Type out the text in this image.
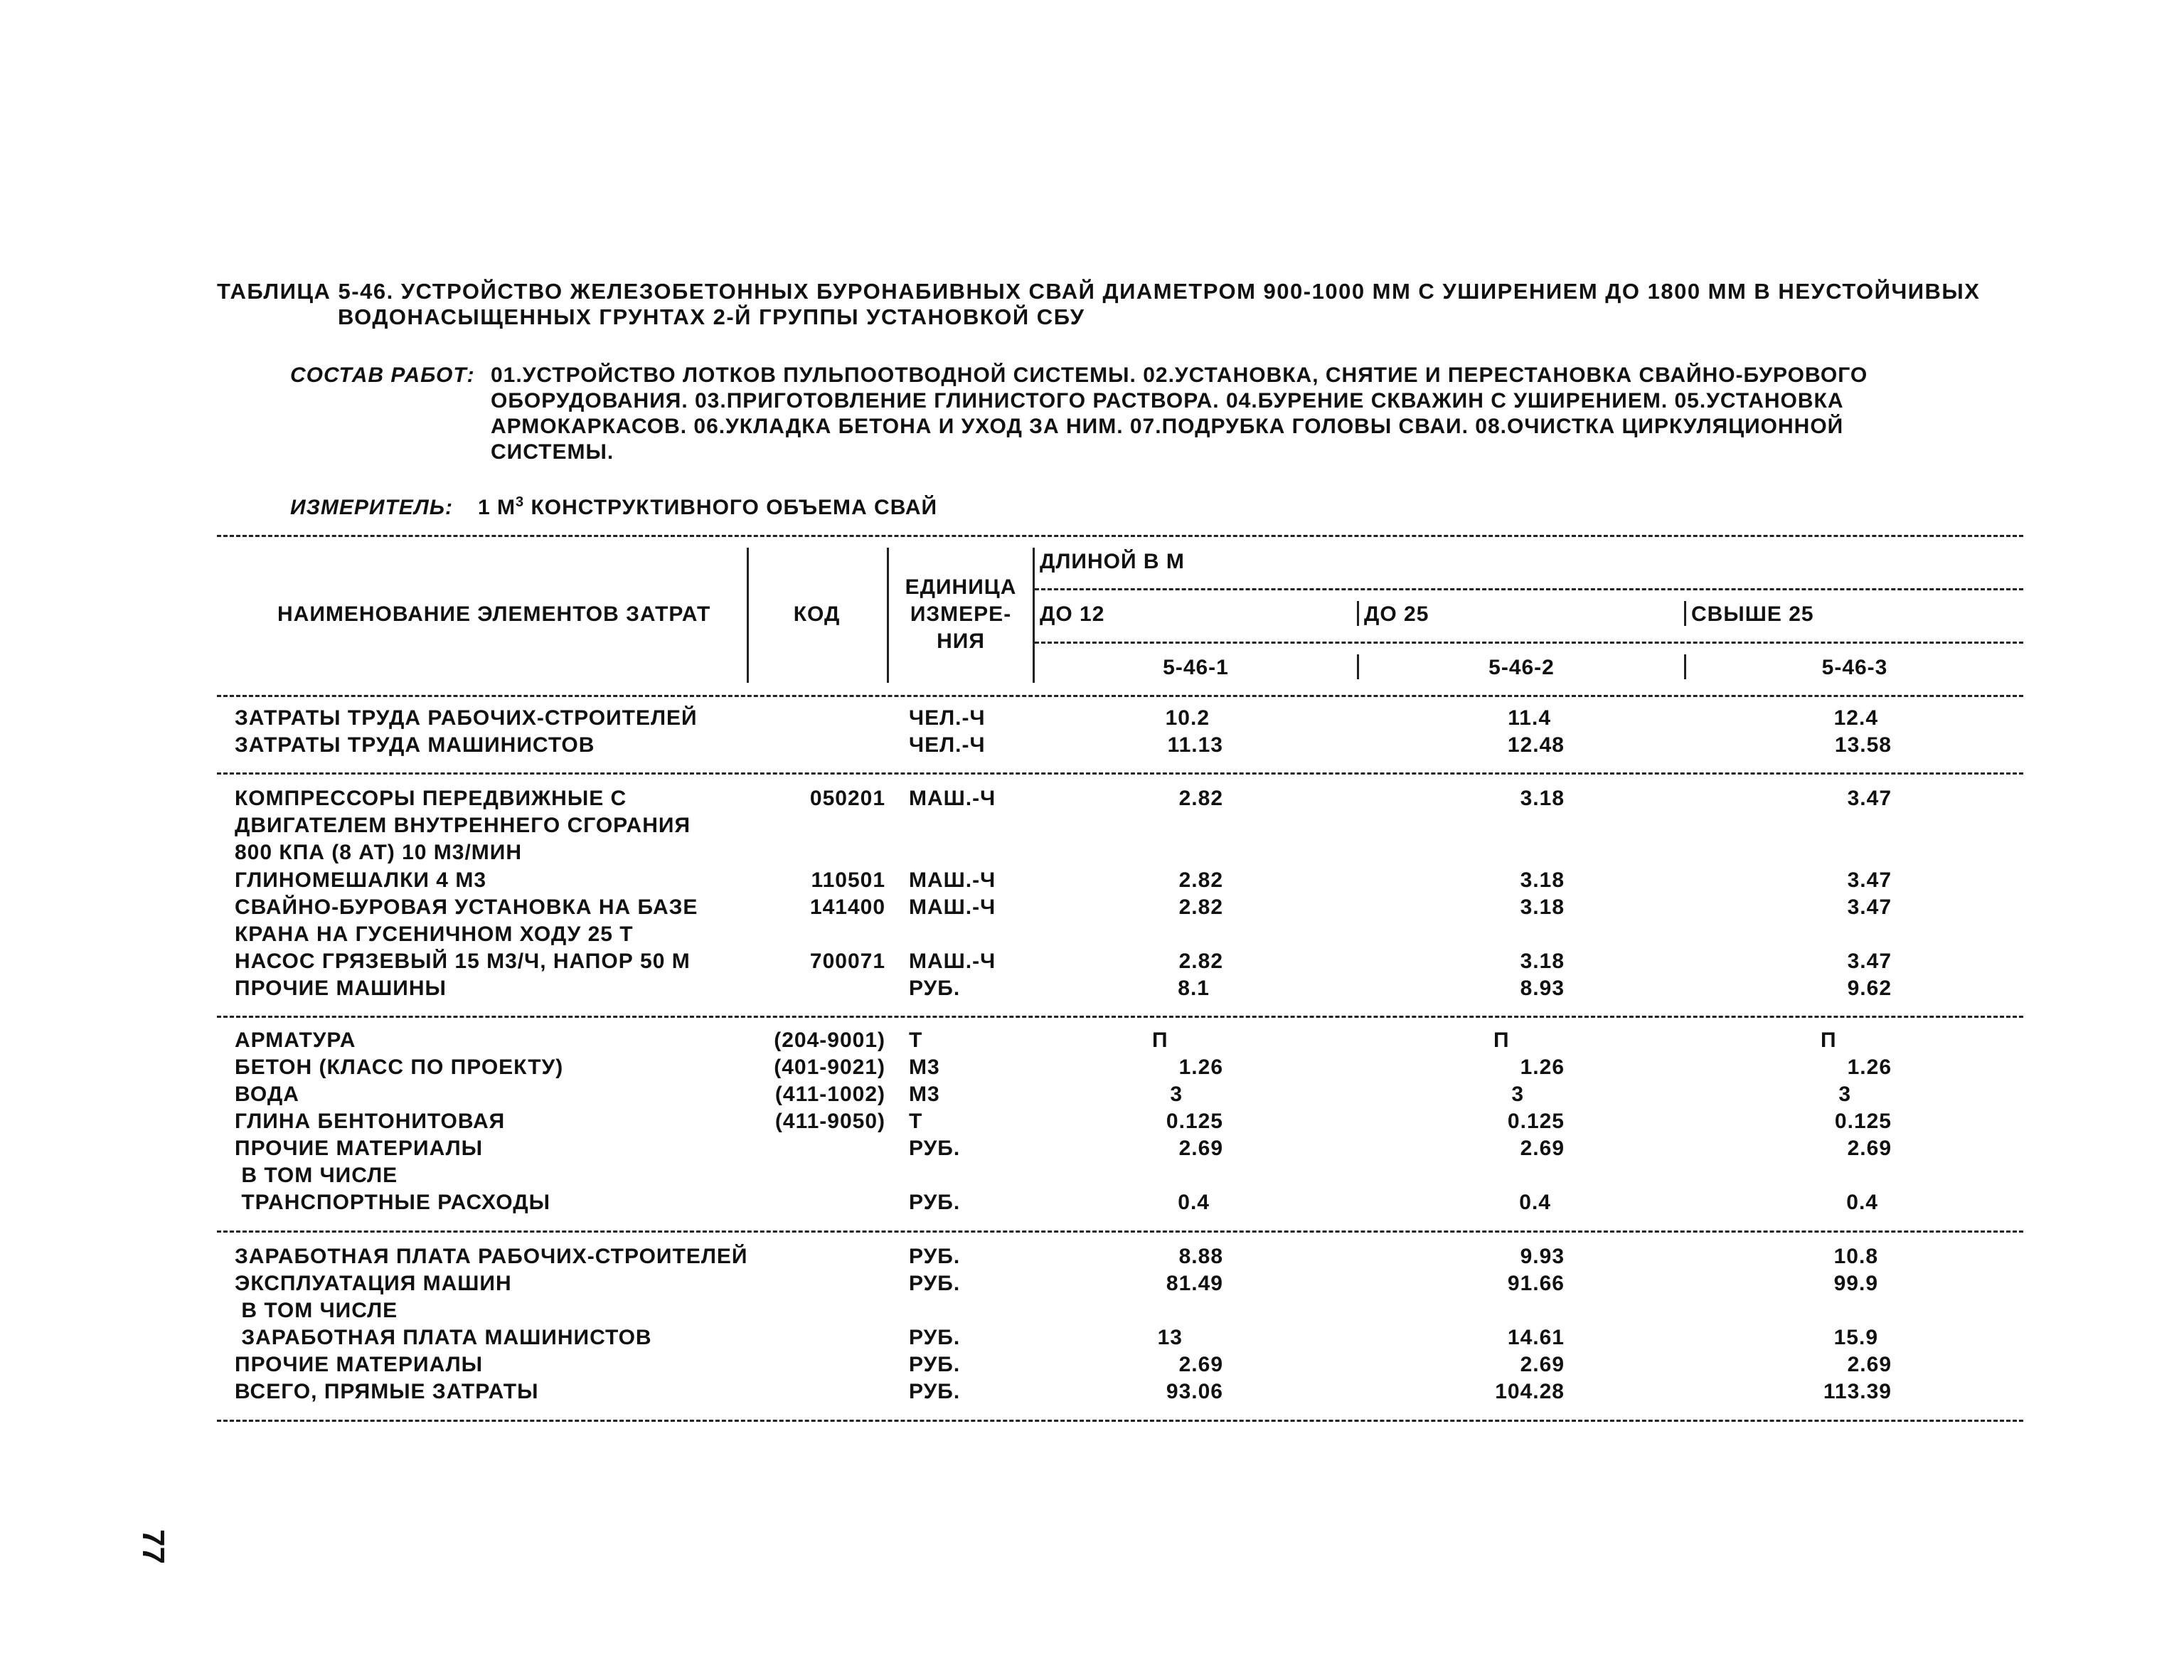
ТАБЛИЦА 5-46. УСТРОЙСТВО ЖЕЛЕЗОБЕТОННЫХ БУРОНАБИВНЫХ СВАЙ ДИАМЕТРОМ 900-1000 ММ С УШИРЕНИЕМ ДО 1800 ММ В НЕУСТОЙЧИВЫХ
ВОДОНАСЫЩЕННЫХ ГРУНТАХ 2-Й ГРУППЫ УСТАНОВКОЙ СБУ
СОСТАВ РАБОТ: 01.УСТРОЙСТВО ЛОТКОВ ПУЛЬПООТВОДНОЙ СИСТЕМЫ. 02.УСТАНОВКА, СНЯТИЕ И ПЕРЕСТАНОВКА СВАЙНО-БУРОВОГО
ОБОРУДОВАНИЯ. 03.ПРИГОТОВЛЕНИЕ ГЛИНИСТОГО РАСТВОРА. 04.БУРЕНИЕ СКВАЖИН С УШИРЕНИЕМ. 05.УСТАНОВКА
АРМОКАРКАСОВ. 06.УКЛАДКА БЕТОНА И УХОД ЗА НИМ. 07.ПОДРУБКА ГОЛОВЫ СВАИ. 08.ОЧИСТКА ЦИРКУЛЯЦИОННОЙ
СИСТЕМЫ.
ИЗМЕРИТЕЛЬ: 1 $М^3$ КОНСТРУКТИВНОГО ОБЪЕМА СВАЙ
НАИМЕНОВАНИЕ ЭЛЕМЕНТОВ ЗАТРАТ	КОД
ЕДИНИЦА
ИЗМЕРЕ-
НИЯ
ДЛИНОЙ В М
ДО 12	ДО 25	СВЫШЕ 25
5-46-1	5-46-2	5-46-3
ЗАТРАТЫ ТРУДА РАБОЧИХ-СТРОИТЕЛЕЙ	ЧЕЛ.-Ч	10.2	11.4	12.4
ЗАТРАТЫ ТРУДА МАШИНИСТОВ	ЧЕЛ.-Ч	11.13	12.48	13.58
КОМПРЕССОРЫ ПЕРЕДВИЖНЫЕ С	050201 МАШ.-Ч	2.82	3.18	3.47
ДВИГАТЕЛЕМ ВНУТРЕННЕГО СГОРАНИЯ
800 КПА (8 АТ) 10 М3/МИН
ГЛИНОМЕШАЛКИ 4 М3	110501 МАШ.-Ч	2.82	3.18	3.47
СВАЙНО-БУРОВАЯ УСТАНОВКА НА БАЗЕ	141400 МАШ.-Ч	2.82	3.18	3.47
КРАНА НА ГУСЕНИЧНОМ ХОДУ 25 Т
НАСОС ГРЯЗЕВЫЙ 15 М3/Ч, НАПОР 50 М	700071 МАШ.-Ч	2.82	3.18	3.47
ПРОЧИЕ МАШИНЫ	РУБ.	8.1	8.93	9.62
АРМАТУРА	(204-9001) Т	П	П	П
БЕТОН (КЛАСС ПО ПРОЕКТУ)	(401-9021) М3	1.26	1.26	1.26
ВОДА	(411-1002) М3	3	3	3
ГЛИНА БЕНТОНИТОВАЯ	(411-9050) Т	0.125	0.125	0.125
ПРОЧИЕ МАТЕРИАЛЫ	РУБ.	2.69	2.69	2.69
В ТОМ ЧИСЛЕ
ТРАНСПОРТНЫЕ РАСХОДЫ	РУБ.	0.4	0.4	0.4
ЗАРАБОТНАЯ ПЛАТА РАБОЧИХ-СТРОИТЕЛЕЙ	РУБ.	8.88	9.93	10.8
ЭКСПЛУАТАЦИЯ МАШИН	РУБ.	81.49	91.66	99.9
В ТОМ ЧИСЛЕ
ЗАРАБОТНАЯ ПЛАТА МАШИНИСТОВ	РУБ.	13	14.61	15.9
ПРОЧИЕ МАТЕРИАЛЫ	РУБ.	2.69	2.69	2.69
ВСЕГО, ПРЯМЫЕ ЗАТРАТЫ	РУБ.	93.06	104.28	113.39
77
